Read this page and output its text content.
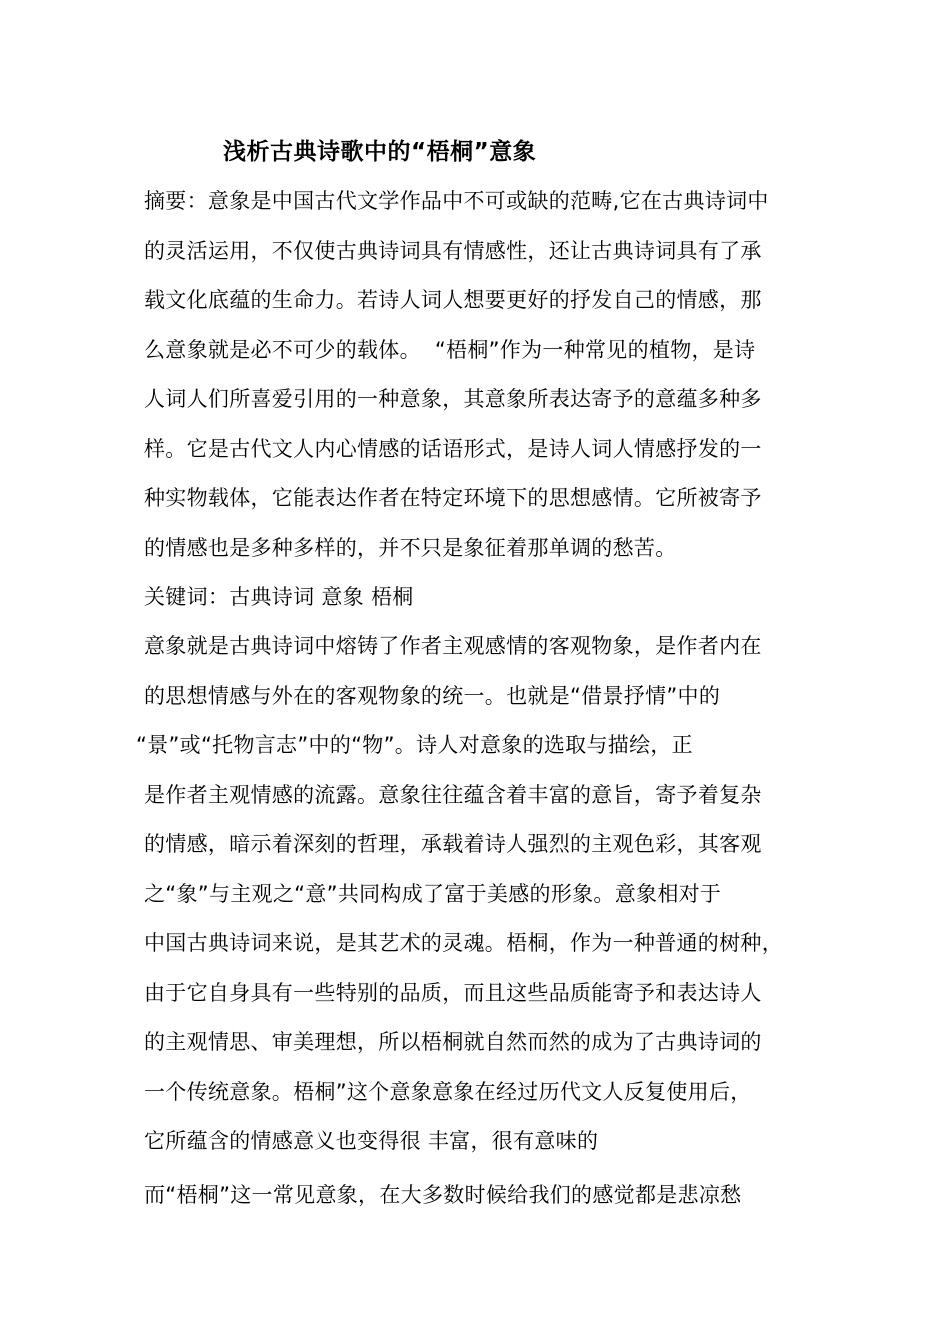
浅析古典诗歌中的“梧桐”意象
摘要：意象是中国古代文学作品中不可或缺的范畴,它在古典诗词中
的灵活运用，不仅使古典诗词具有情感性，还让古典诗词具有了承
载文化底蕴的生命力。若诗人词人想要更好的抒发自己的情感，那
么意象就是必不可少的载体。  “梧桐”作为一种常见的植物，是诗
人词人们所喜爱引用的一种意象，其意象所表达寄予的意蕴多种多
样。它是古代文人内心情感的话语形式，是诗人词人情感抒发的一
种实物载体，它能表达作者在特定环境下的思想感情。它所被寄予
的情感也是多种多样的，并不只是象征着那单调的愁苦。
关键词：古典诗词 意象 梧桐
意象就是古典诗词中熔铸了作者主观感情的客观物象，是作者内在
的思想情感与外在的客观物象的统一。也就是“借景抒情”中的
“景”或“托物言志”中的“物”。诗人对意象的选取与描绘，正
是作者主观情感的流露。意象往往蕴含着丰富的意旨，寄予着复杂
的情感，暗示着深刻的哲理，承载着诗人强烈的主观色彩，其客观
之“象”与主观之“意”共同构成了富于美感的形象。意象相对于
中国古典诗词来说，是其艺术的灵魂。梧桐，作为一种普通的树种，
由于它自身具有一些特别的品质，而且这些品质能寄予和表达诗人
的主观情思、审美理想，所以梧桐就自然而然的成为了古典诗词的
一个传统意象。梧桐”这个意象意象在经过历代文人反复使用后，
它所蕴含的情感意义也变得很 丰富，很有意味的
而“梧桐”这一常见意象，在大多数时候给我们的感觉都是悲凉愁
